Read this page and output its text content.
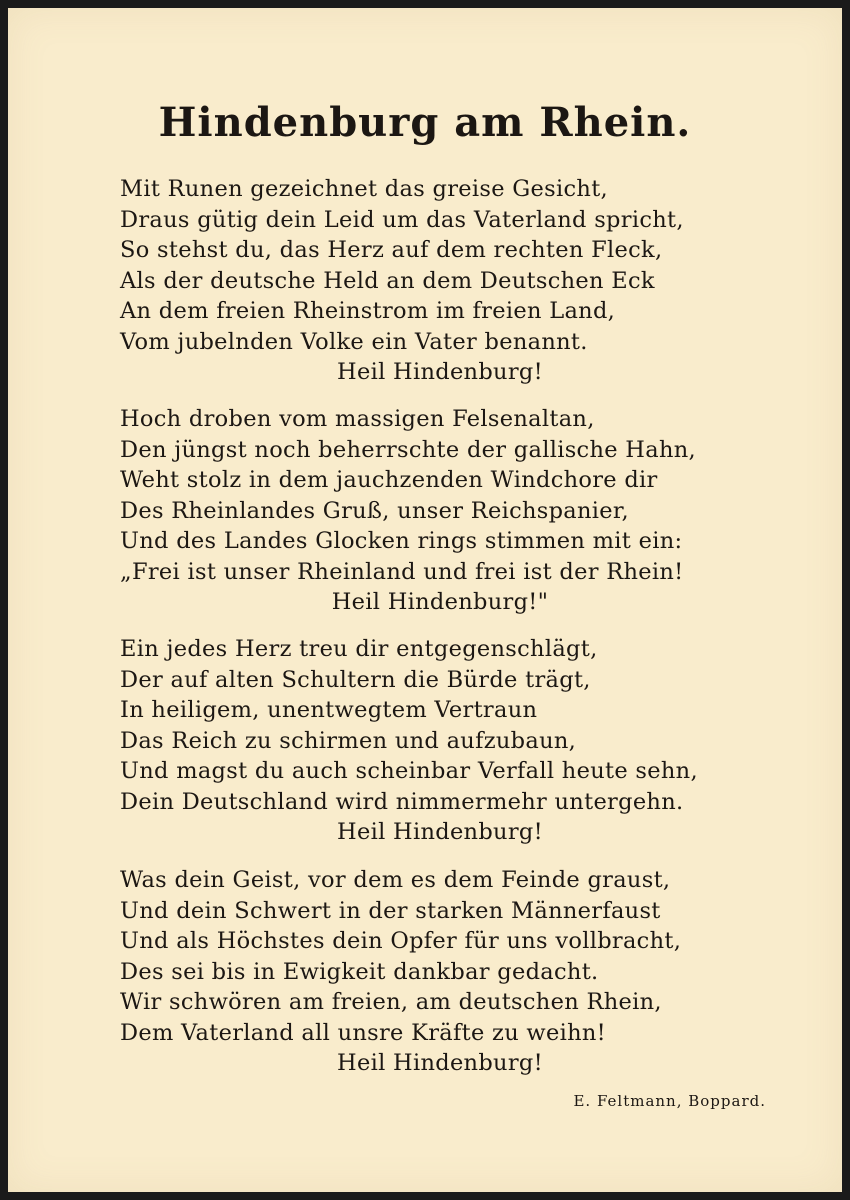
Hindenburg am Rhein.
Mit Runen gezeichnet das greise Gesicht,
Draus gütig dein Leid um das Vaterland spricht,
So stehst du, das Herz auf dem rechten Fleck,
Als der deutsche Held an dem Deutschen Eck
An dem freien Rheinstrom im freien Land,
Vom jubelnden Volke ein Vater benannt.
Heil Hindenburg!
Hoch droben vom massigen Felsenaltan,
Den jüngst noch beherrschte der gallische Hahn,
Weht stolz in dem jauchzenden Windchore dir
Des Rheinlandes Gruß, unser Reichspanier,
Und des Landes Glocken rings stimmen mit ein:
„Frei ist unser Rheinland und frei ist der Rhein!
Heil Hindenburg!"
Ein jedes Herz treu dir entgegenschlägt,
Der auf alten Schultern die Bürde trägt,
In heiligem, unentwegtem Vertraun
Das Reich zu schirmen und aufzubaun,
Und magst du auch scheinbar Verfall heute sehn,
Dein Deutschland wird nimmermehr untergehn.
Heil Hindenburg!
Was dein Geist, vor dem es dem Feinde graust,
Und dein Schwert in der starken Männerfaust
Und als Höchstes dein Opfer für uns vollbracht,
Des sei bis in Ewigkeit dankbar gedacht.
Wir schwören am freien, am deutschen Rhein,
Dem Vaterland all unsre Kräfte zu weihn!
Heil Hindenburg!
E. Feltmann, Boppard.
